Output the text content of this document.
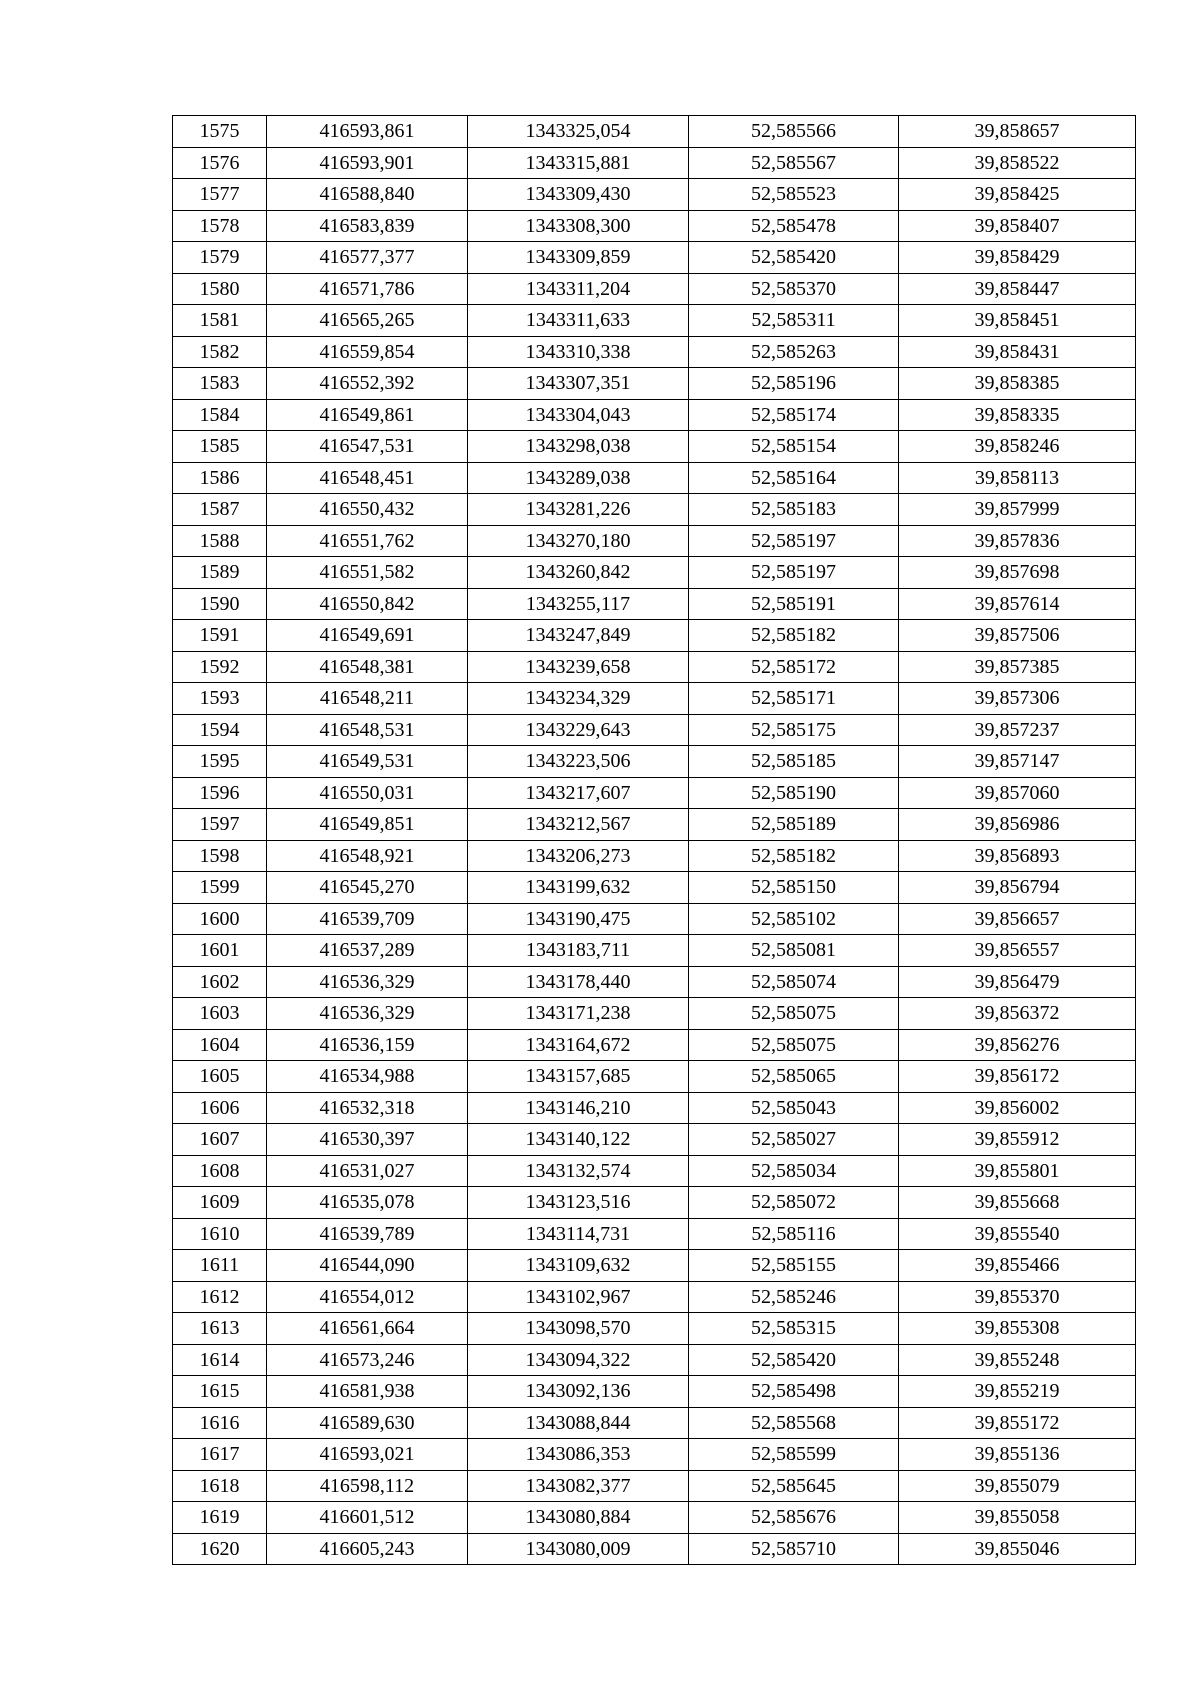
1575	416593,861	1343325,054	52,585566	39,858657
1576	416593,901	1343315,881	52,585567	39,858522
1577	416588,840	1343309,430	52,585523	39,858425
1578	416583,839	1343308,300	52,585478	39,858407
1579	416577,377	1343309,859	52,585420	39,858429
1580	416571,786	1343311,204	52,585370	39,858447
1581	416565,265	1343311,633	52,585311	39,858451
1582	416559,854	1343310,338	52,585263	39,858431
1583	416552,392	1343307,351	52,585196	39,858385
1584	416549,861	1343304,043	52,585174	39,858335
1585	416547,531	1343298,038	52,585154	39,858246
1586	416548,451	1343289,038	52,585164	39,858113
1587	416550,432	1343281,226	52,585183	39,857999
1588	416551,762	1343270,180	52,585197	39,857836
1589	416551,582	1343260,842	52,585197	39,857698
1590	416550,842	1343255,117	52,585191	39,857614
1591	416549,691	1343247,849	52,585182	39,857506
1592	416548,381	1343239,658	52,585172	39,857385
1593	416548,211	1343234,329	52,585171	39,857306
1594	416548,531	1343229,643	52,585175	39,857237
1595	416549,531	1343223,506	52,585185	39,857147
1596	416550,031	1343217,607	52,585190	39,857060
1597	416549,851	1343212,567	52,585189	39,856986
1598	416548,921	1343206,273	52,585182	39,856893
1599	416545,270	1343199,632	52,585150	39,856794
1600	416539,709	1343190,475	52,585102	39,856657
1601	416537,289	1343183,711	52,585081	39,856557
1602	416536,329	1343178,440	52,585074	39,856479
1603	416536,329	1343171,238	52,585075	39,856372
1604	416536,159	1343164,672	52,585075	39,856276
1605	416534,988	1343157,685	52,585065	39,856172
1606	416532,318	1343146,210	52,585043	39,856002
1607	416530,397	1343140,122	52,585027	39,855912
1608	416531,027	1343132,574	52,585034	39,855801
1609	416535,078	1343123,516	52,585072	39,855668
1610	416539,789	1343114,731	52,585116	39,855540
1611	416544,090	1343109,632	52,585155	39,855466
1612	416554,012	1343102,967	52,585246	39,855370
1613	416561,664	1343098,570	52,585315	39,855308
1614	416573,246	1343094,322	52,585420	39,855248
1615	416581,938	1343092,136	52,585498	39,855219
1616	416589,630	1343088,844	52,585568	39,855172
1617	416593,021	1343086,353	52,585599	39,855136
1618	416598,112	1343082,377	52,585645	39,855079
1619	416601,512	1343080,884	52,585676	39,855058
1620	416605,243	1343080,009	52,585710	39,855046
